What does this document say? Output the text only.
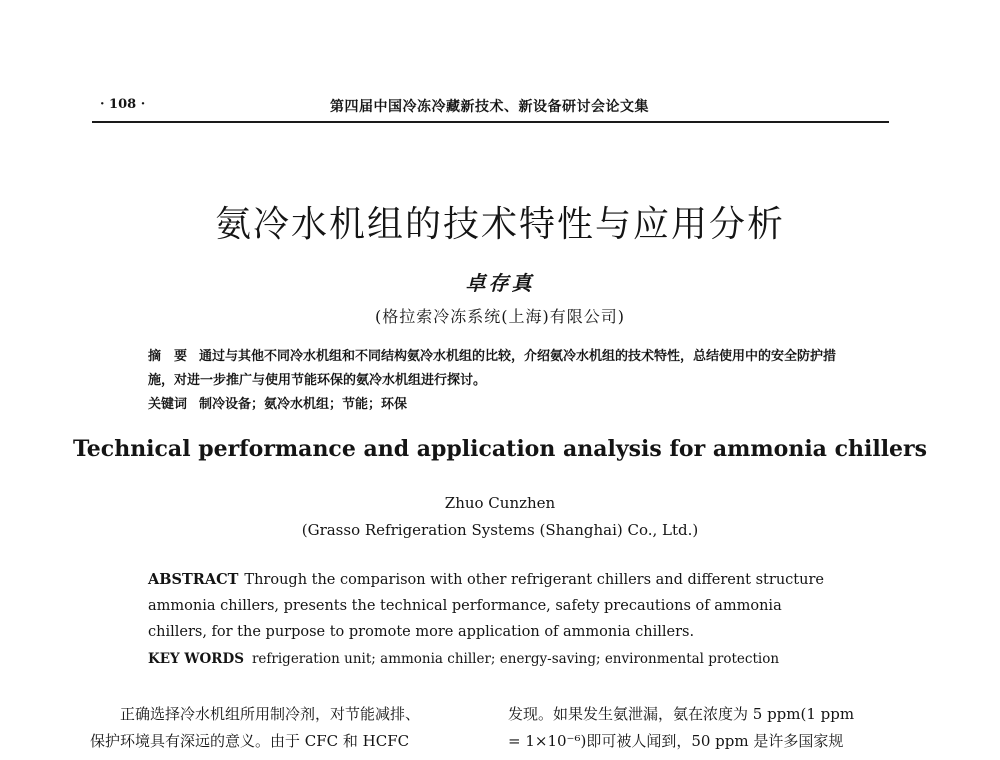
· 108 ·	第四届中国冷冻冷藏新技术、新设备研讨会论文集
氨冷水机组的技术特性与应用分析
卓存真
(格拉索冷冻系统(上海)有限公司)
摘　要 通过与其他不同冷水机组和不同结构氨冷水机组的比较，介绍氨冷水机组的技术特性，总结使用中的安全防护措施，对进一步推广与使用节能环保的氨冷水机组进行探讨。
关键词 制冷设备；氨冷水机组；节能；环保
Technical performance and application analysis for ammonia chillers
Zhuo Cunzhen
(Grasso Refrigeration Systems (Shanghai) Co., Ltd.)
ABSTRACT Through the comparison with other refrigerant chillers and different structure ammonia chillers, presents the technical performance, safety precautions of ammonia chillers, for the purpose to promote more application of ammonia chillers.
KEY WORDS refrigeration unit; ammonia chiller; energy-saving; environmental protection
正确选择冷水机组所用制冷剂，对节能减排、
保护环境具有深远的意义。由于 CFC 和 HCFC
发现。如果发生氨泄漏，氨在浓度为 5 ppm(1 ppm
= 1×10⁻⁶)即可被人闻到，50 ppm 是许多国家规
